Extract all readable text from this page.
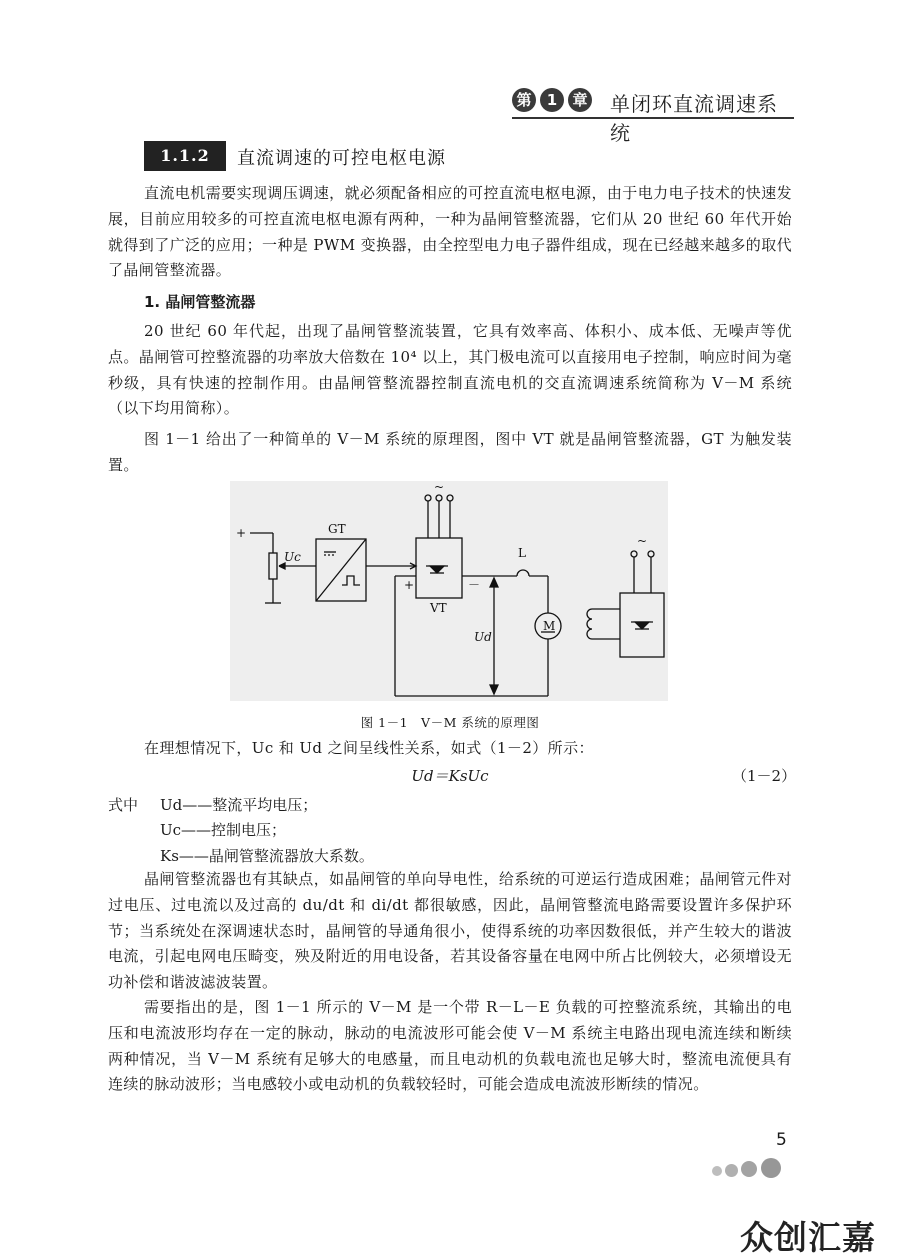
第	1	章 单闭环直流调速系统
1.1.2	直流调速的可控电枢电源

直流电机需要实现调压调速，就必须配备相应的可控直流电枢电源，由于电力电子技术的快速发展，目前应用较多的可控直流电枢电源有两种，一种为晶闸管整流器，它们从 20 世纪 60 年代开始就得到了广泛的应用；一种是 PWM 变换器，由全控型电力电子器件组成，现在已经越来越多的取代了晶闸管整流器。

1. 晶闸管整流器

20 世纪 60 年代起，出现了晶闸管整流装置，它具有效率高、体积小、成本低、无噪声等优点。晶闸管可控整流器的功率放大倍数在 10⁴ 以上，其门极电流可以直接用电子控制，响应时间为毫秒级，具有快速的控制作用。由晶闸管整流器控制直流电机的交直流调速系统简称为 V－M 系统（以下均用简称）。

图 1－1 给出了一种简单的 V－M 系统的原理图，图中 VT 就是晶闸管整流器，GT 为触发装置。

+
Uc
GT
~
+	－
VT
L
M
Ud
~
图 1－1　V－M 系统的原理图

在理想情况下，Uc 和 Ud 之间呈线性关系，如式（1－2）所示：

Ud＝KsUc	（1－2）
式中 Ud——整流平均电压；
Uc——控制电压；
Ks——晶闸管整流器放大系数。

晶闸管整流器也有其缺点，如晶闸管的单向导电性，给系统的可逆运行造成困难；晶闸管元件对过电压、过电流以及过高的 du/dt 和 di/dt 都很敏感，因此，晶闸管整流电路需要设置许多保护环节；当系统处在深调速状态时，晶闸管的导通角很小，使得系统的功率因数很低，并产生较大的谐波电流，引起电网电压畸变，殃及附近的用电设备，若其设备容量在电网中所占比例较大，必须增设无功补偿和谐波滤波装置。

需要指出的是，图 1－1 所示的 V－M 是一个带 R－L－E 负载的可控整流系统，其输出的电压和电流波形均存在一定的脉动，脉动的电流波形可能会使 V－M 系统主电路出现电流连续和断续两种情况，当 V－M 系统有足够大的电感量，而且电动机的负载电流也足够大时，整流电流便具有连续的脉动波形；当电感较小或电动机的负载较轻时，可能会造成电流波形断续的情况。

5
众创汇嘉
